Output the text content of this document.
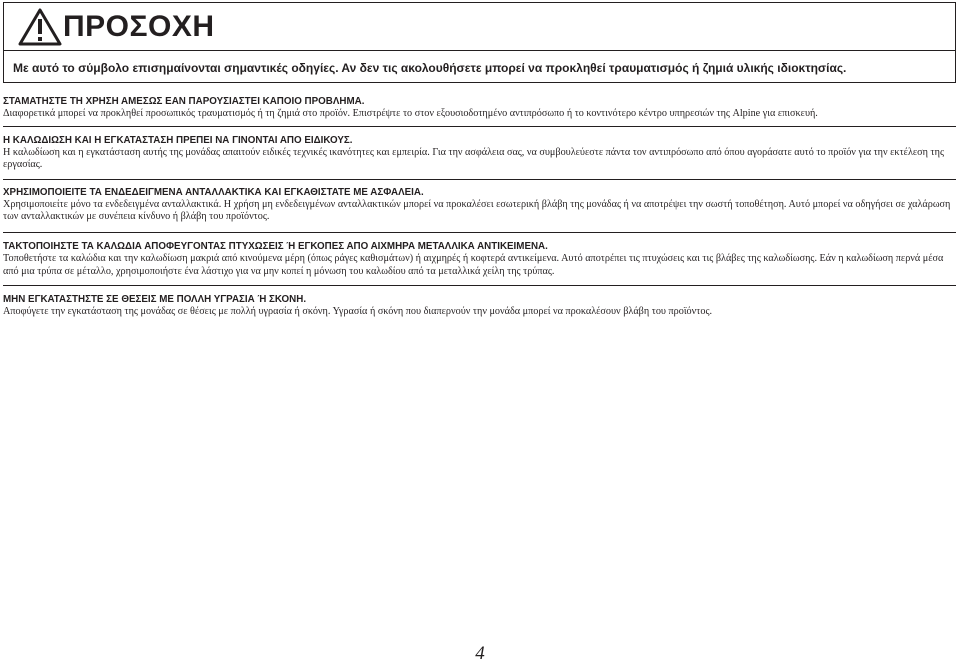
ΠΡΟΣΟΧΗ
Με αυτό το σύμβολο επισημαίνονται σημαντικές οδηγίες. Αν δεν τις ακολουθήσετε μπορεί να προκληθεί τραυματισμός ή ζημιά υλικής ιδιοκτησίας.

ΣΤΑΜΑΤΗΣΤΕ ΤΗ ΧΡΗΣΗ ΑΜΕΣΩΣ ΕΑΝ ΠΑΡΟΥΣΙΑΣΤΕΙ ΚΑΠΟΙΟ ΠΡΟΒΛΗΜΑ.

Διαφορετικά μπορεί να προκληθεί προσωπικός τραυματισμός ή τη ζημιά στο προϊόν. Επιστρέψτε το στον εξουσιοδοτημένο αντιπρόσωπο ή το κοντινότερο κέντρο υπηρεσιών της Alpine για επισκευή.

Η ΚΑΛΩΔΙΩΣΗ ΚΑΙ Η ΕΓΚΑΤΑΣΤΑΣΗ ΠΡΕΠΕΙ ΝΑ ΓΙΝΟΝΤΑΙ ΑΠΟ ΕΙΔΙΚΟΥΣ.

Η καλωδίωση και η εγκατάσταση αυτής της μονάδας απαιτούν ειδικές τεχνικές ικανότητες και εμπειρία. Για την ασφάλεια σας, να συμβουλεύεστε πάντα τον αντιπρόσωπο από όπου αγοράσατε αυτό το προϊόν για την εκτέλεση της εργασίας.

ΧΡΗΣΙΜΟΠΟΙΕΙΤΕ ΤΑ ΕΝΔΕΔΕΙΓΜΕΝΑ ΑΝΤΑΛΛΑΚΤΙΚΑ ΚΑΙ ΕΓΚΑΘΙΣΤΑΤΕ ΜΕ ΑΣΦΑΛΕΙΑ.

Χρησιμοποιείτε μόνο τα ενδεδειγμένα ανταλλακτικά. Η χρήση μη ενδεδειγμένων ανταλλακτικών μπορεί να προκαλέσει εσωτερική βλάβη της μονάδας ή να αποτρέψει την σωστή τοποθέτηση. Αυτό μπορεί να οδηγήσει σε χαλάρωση των ανταλλακτικών με συνέπεια κίνδυνο ή βλάβη του προϊόντος.

ΤΑΚΤΟΠΟΙΗΣΤΕ ΤΑ ΚΑΛΩΔΙΑ ΑΠΟΦΕΥΓΟΝΤΑΣ ΠΤΥΧΩΣΕΙΣ Ή ΕΓΚΟΠΕΣ ΑΠΟ ΑΙΧΜΗΡΑ ΜΕΤΑΛΛΙΚΑ ΑΝΤΙΚΕΙΜΕΝΑ.

Τοποθετήστε τα καλώδια και την καλωδίωση μακριά από κινούμενα μέρη (όπως ράγες καθισμάτων) ή αιχμηρές ή κοφτερά αντικείμενα. Αυτό αποτρέπει τις πτυχώσεις και τις βλάβες της καλωδίωσης. Εάν η καλωδίωση περνά μέσα από μια τρύπα σε μέταλλο, χρησιμοποιήστε ένα λάστιχο για να μην κοπεί η μόνωση του καλωδίου από τα μεταλλικά χείλη της τρύπας.

ΜΗΝ ΕΓΚΑΤΑΣΤΗΣΤΕ ΣΕ ΘΕΣΕΙΣ ΜΕ ΠΟΛΛΗ ΥΓΡΑΣΙΑ Ή ΣΚΟΝΗ.

Αποφύγετε την εγκατάσταση της μονάδας σε θέσεις με πολλή υγρασία ή σκόνη. Υγρασία ή σκόνη που διαπερνούν την μονάδα μπορεί να προκαλέσουν βλάβη του προϊόντος.

4
